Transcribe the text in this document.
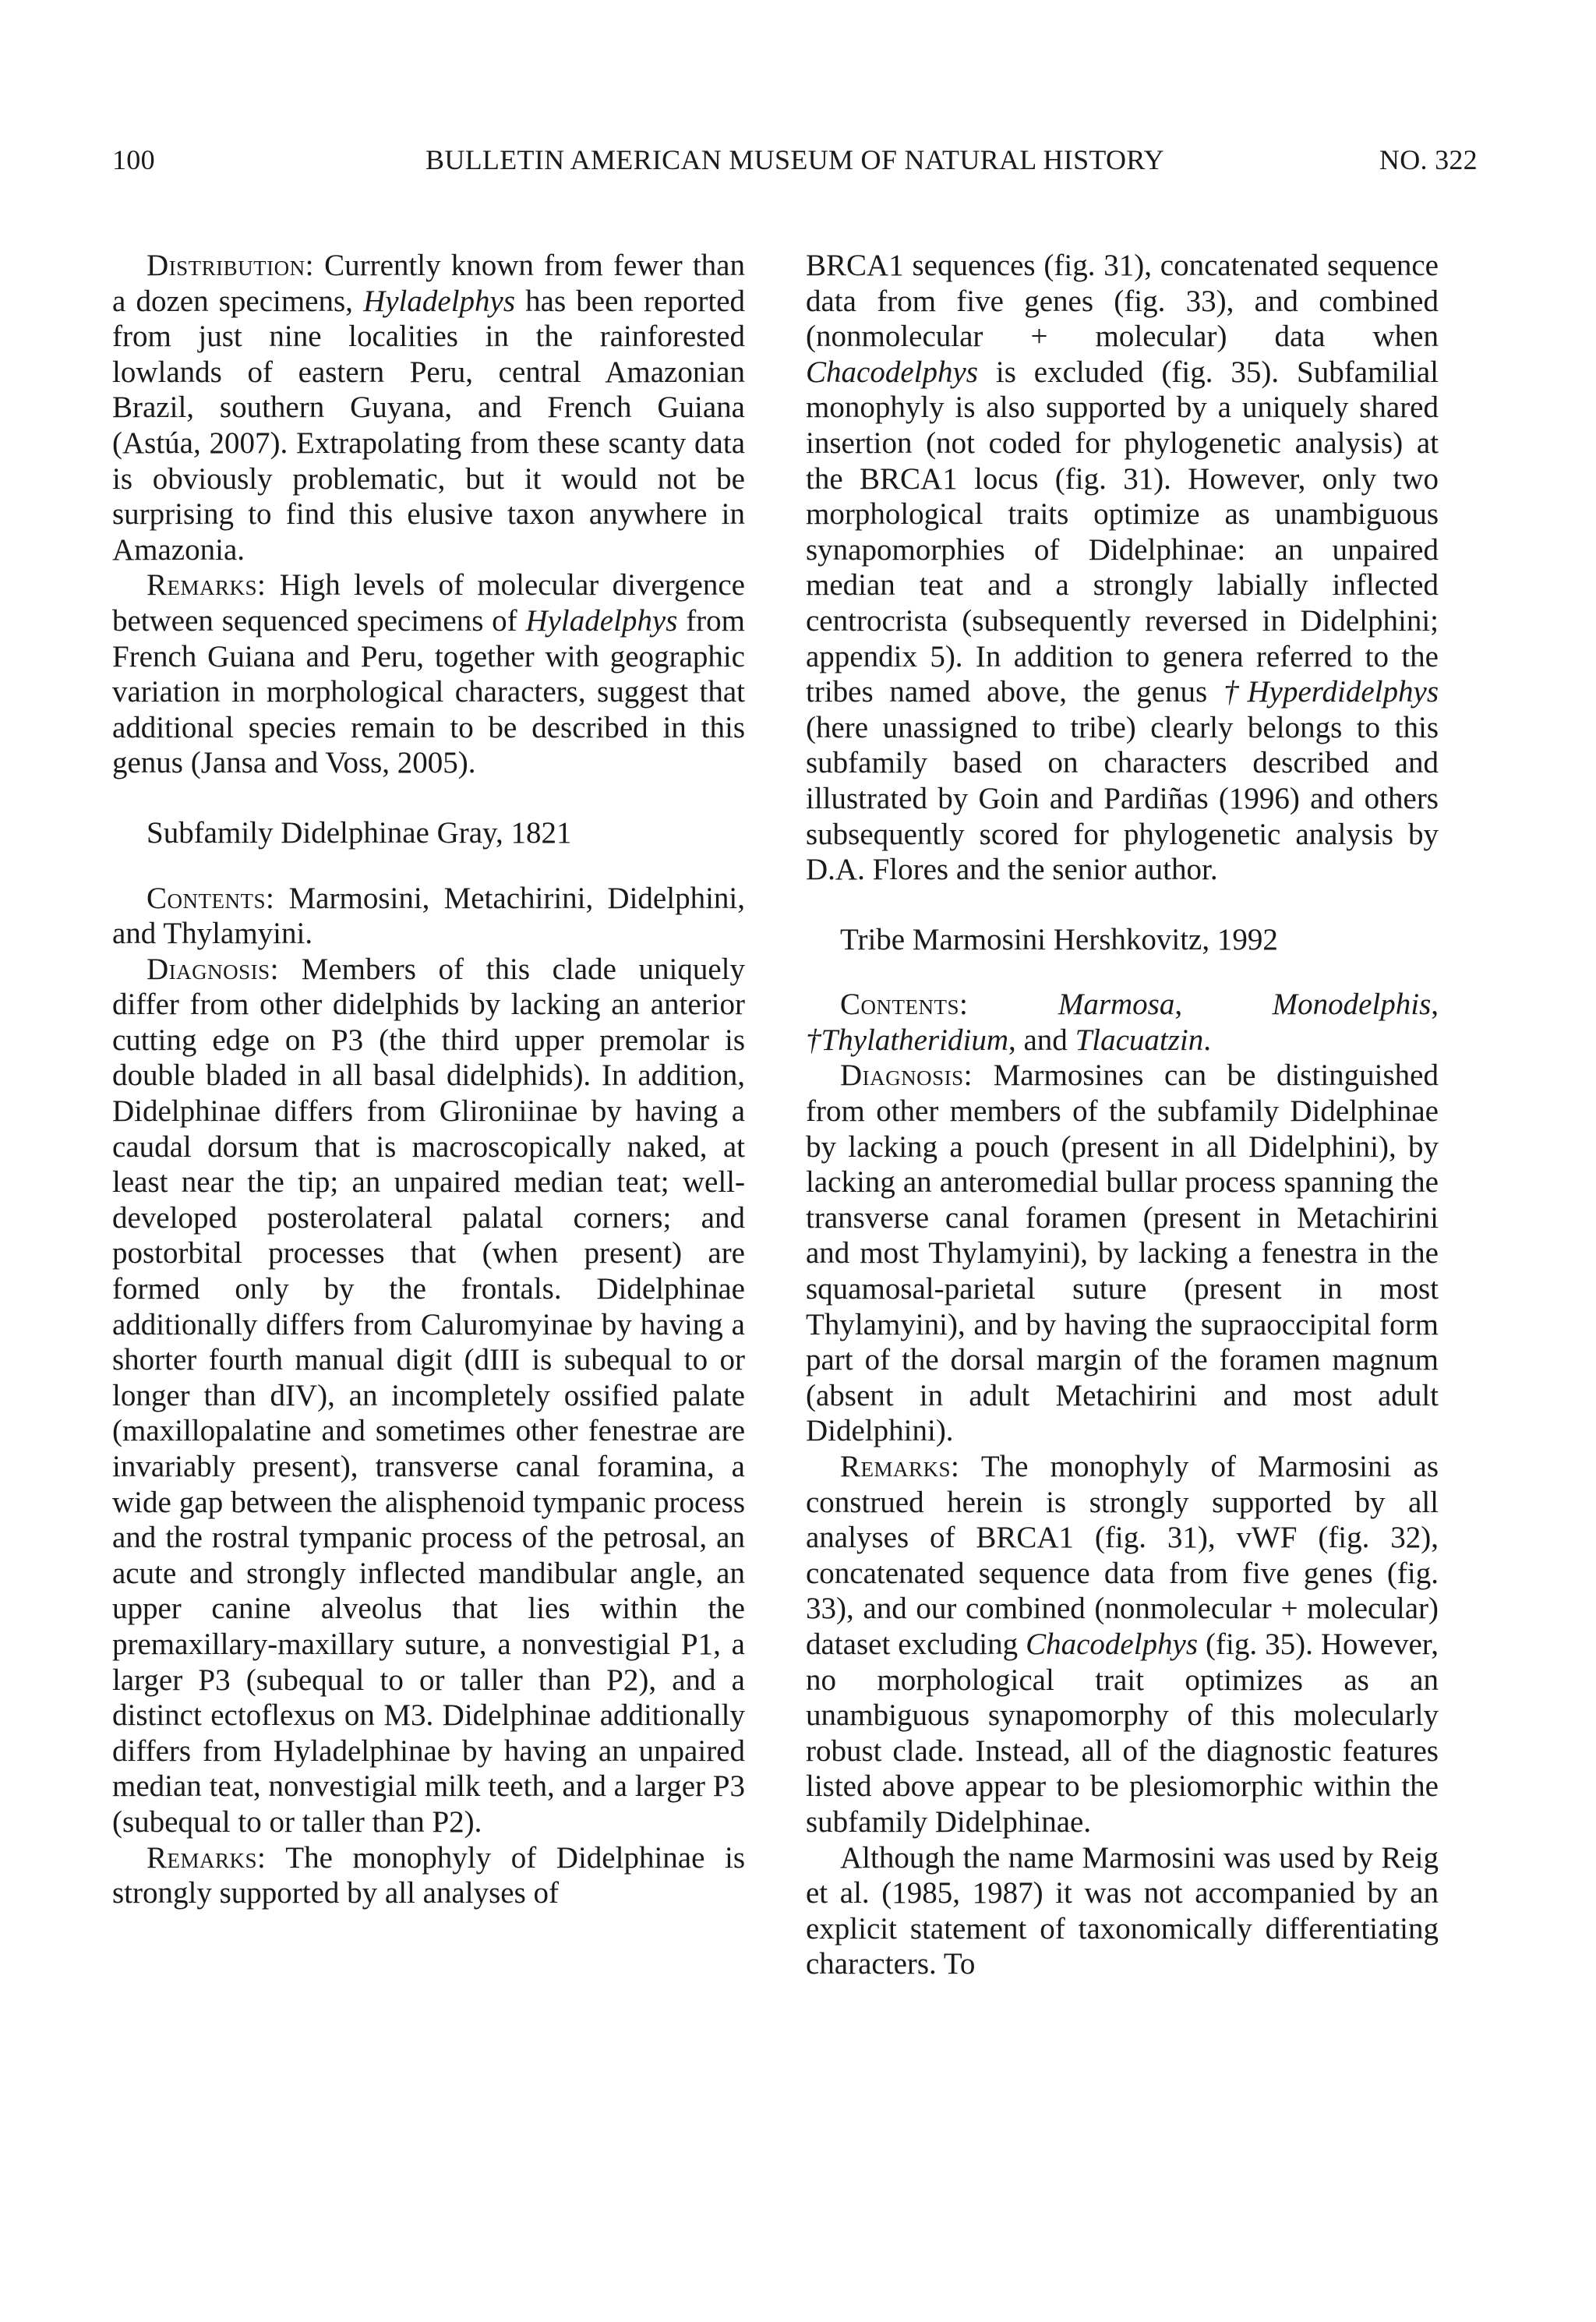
100	BULLETIN AMERICAN MUSEUM OF NATURAL HISTORY	NO. 322

Distribution: Currently known from fewer than a dozen specimens, Hyladelphys has been reported from just nine localities in the rainforested lowlands of eastern Peru, central Amazonian Brazil, southern Guyana, and French Guiana (Astúa, 2007). Extrapolating from these scanty data is obviously problematic, but it would not be surprising to find this elusive taxon anywhere in Amazonia.

Remarks: High levels of molecular divergence between sequenced specimens of Hyladelphys from French Guiana and Peru, together with geographic variation in morphological characters, suggest that additional species remain to be described in this genus (Jansa and Voss, 2005).

Subfamily Didelphinae Gray, 1821

Contents: Marmosini, Metachirini, Didelphini, and Thylamyini.

Diagnosis: Members of this clade uniquely differ from other didelphids by lacking an anterior cutting edge on P3 (the third upper premolar is double bladed in all basal didelphids). In addition, Didelphinae differs from Glironiinae by having a caudal dorsum that is macroscopically naked, at least near the tip; an unpaired median teat; well-developed posterolateral palatal corners; and postorbital processes that (when present) are formed only by the frontals. Didelphinae additionally differs from Caluromyinae by having a shorter fourth manual digit (dIII is subequal to or longer than dIV), an incompletely ossified palate (maxillopalatine and sometimes other fenestrae are invariably present), transverse canal foramina, a wide gap between the alisphenoid tympanic process and the rostral tympanic process of the petrosal, an acute and strongly inflected mandibular angle, an upper canine alveolus that lies within the premaxillary-maxillary suture, a nonvestigial P1, a larger P3 (subequal to or taller than P2), and a distinct ectoflexus on M3. Didelphinae additionally differs from Hyladelphinae by having an unpaired median teat, nonvestigial milk teeth, and a larger P3 (subequal to or taller than P2).

Remarks: The monophyly of Didelphinae is strongly supported by all analyses of

BRCA1 sequences (fig. 31), concatenated sequence data from five genes (fig. 33), and combined (nonmolecular + molecular) data when Chacodelphys is excluded (fig. 35). Subfamilial monophyly is also supported by a uniquely shared insertion (not coded for phylogenetic analysis) at the BRCA1 locus (fig. 31). However, only two morphological traits optimize as unambiguous synapomorphies of Didelphinae: an unpaired median teat and a strongly labially inflected centrocrista (subsequently reversed in Didelphini; appendix 5). In addition to genera referred to the tribes named above, the genus †Hyperdidelphys (here unassigned to tribe) clearly belongs to this subfamily based on characters described and illustrated by Goin and Pardiñas (1996) and others subsequently scored for phylogenetic analysis by D.A. Flores and the senior author.

Tribe Marmosini Hershkovitz, 1992

Contents:	Marmosa, Monodelphis, †Thylatheridium, and Tlacuatzin.

Diagnosis: Marmosines can be distinguished from other members of the subfamily Didelphinae by lacking a pouch (present in all Didelphini), by lacking an anteromedial bullar process spanning the transverse canal foramen (present in Metachirini and most Thylamyini), by lacking a fenestra in the squamosal-parietal suture (present in most Thylamyini), and by having the supraoccipital form part of the dorsal margin of the foramen magnum (absent in adult Metachirini and most adult Didelphini).

Remarks: The monophyly of Marmosini as construed herein is strongly supported by all analyses of BRCA1 (fig. 31), vWF (fig. 32), concatenated sequence data from five genes (fig. 33), and our combined (nonmolecular + molecular) dataset excluding Chacodelphys (fig. 35). However, no morphological trait optimizes as an unambiguous synapomorphy of this molecularly robust clade. Instead, all of the diagnostic features listed above appear to be plesiomorphic within the subfamily Didelphinae.

Although the name Marmosini was used by Reig et al. (1985, 1987) it was not accompanied by an explicit statement of taxonomically differentiating characters. To
